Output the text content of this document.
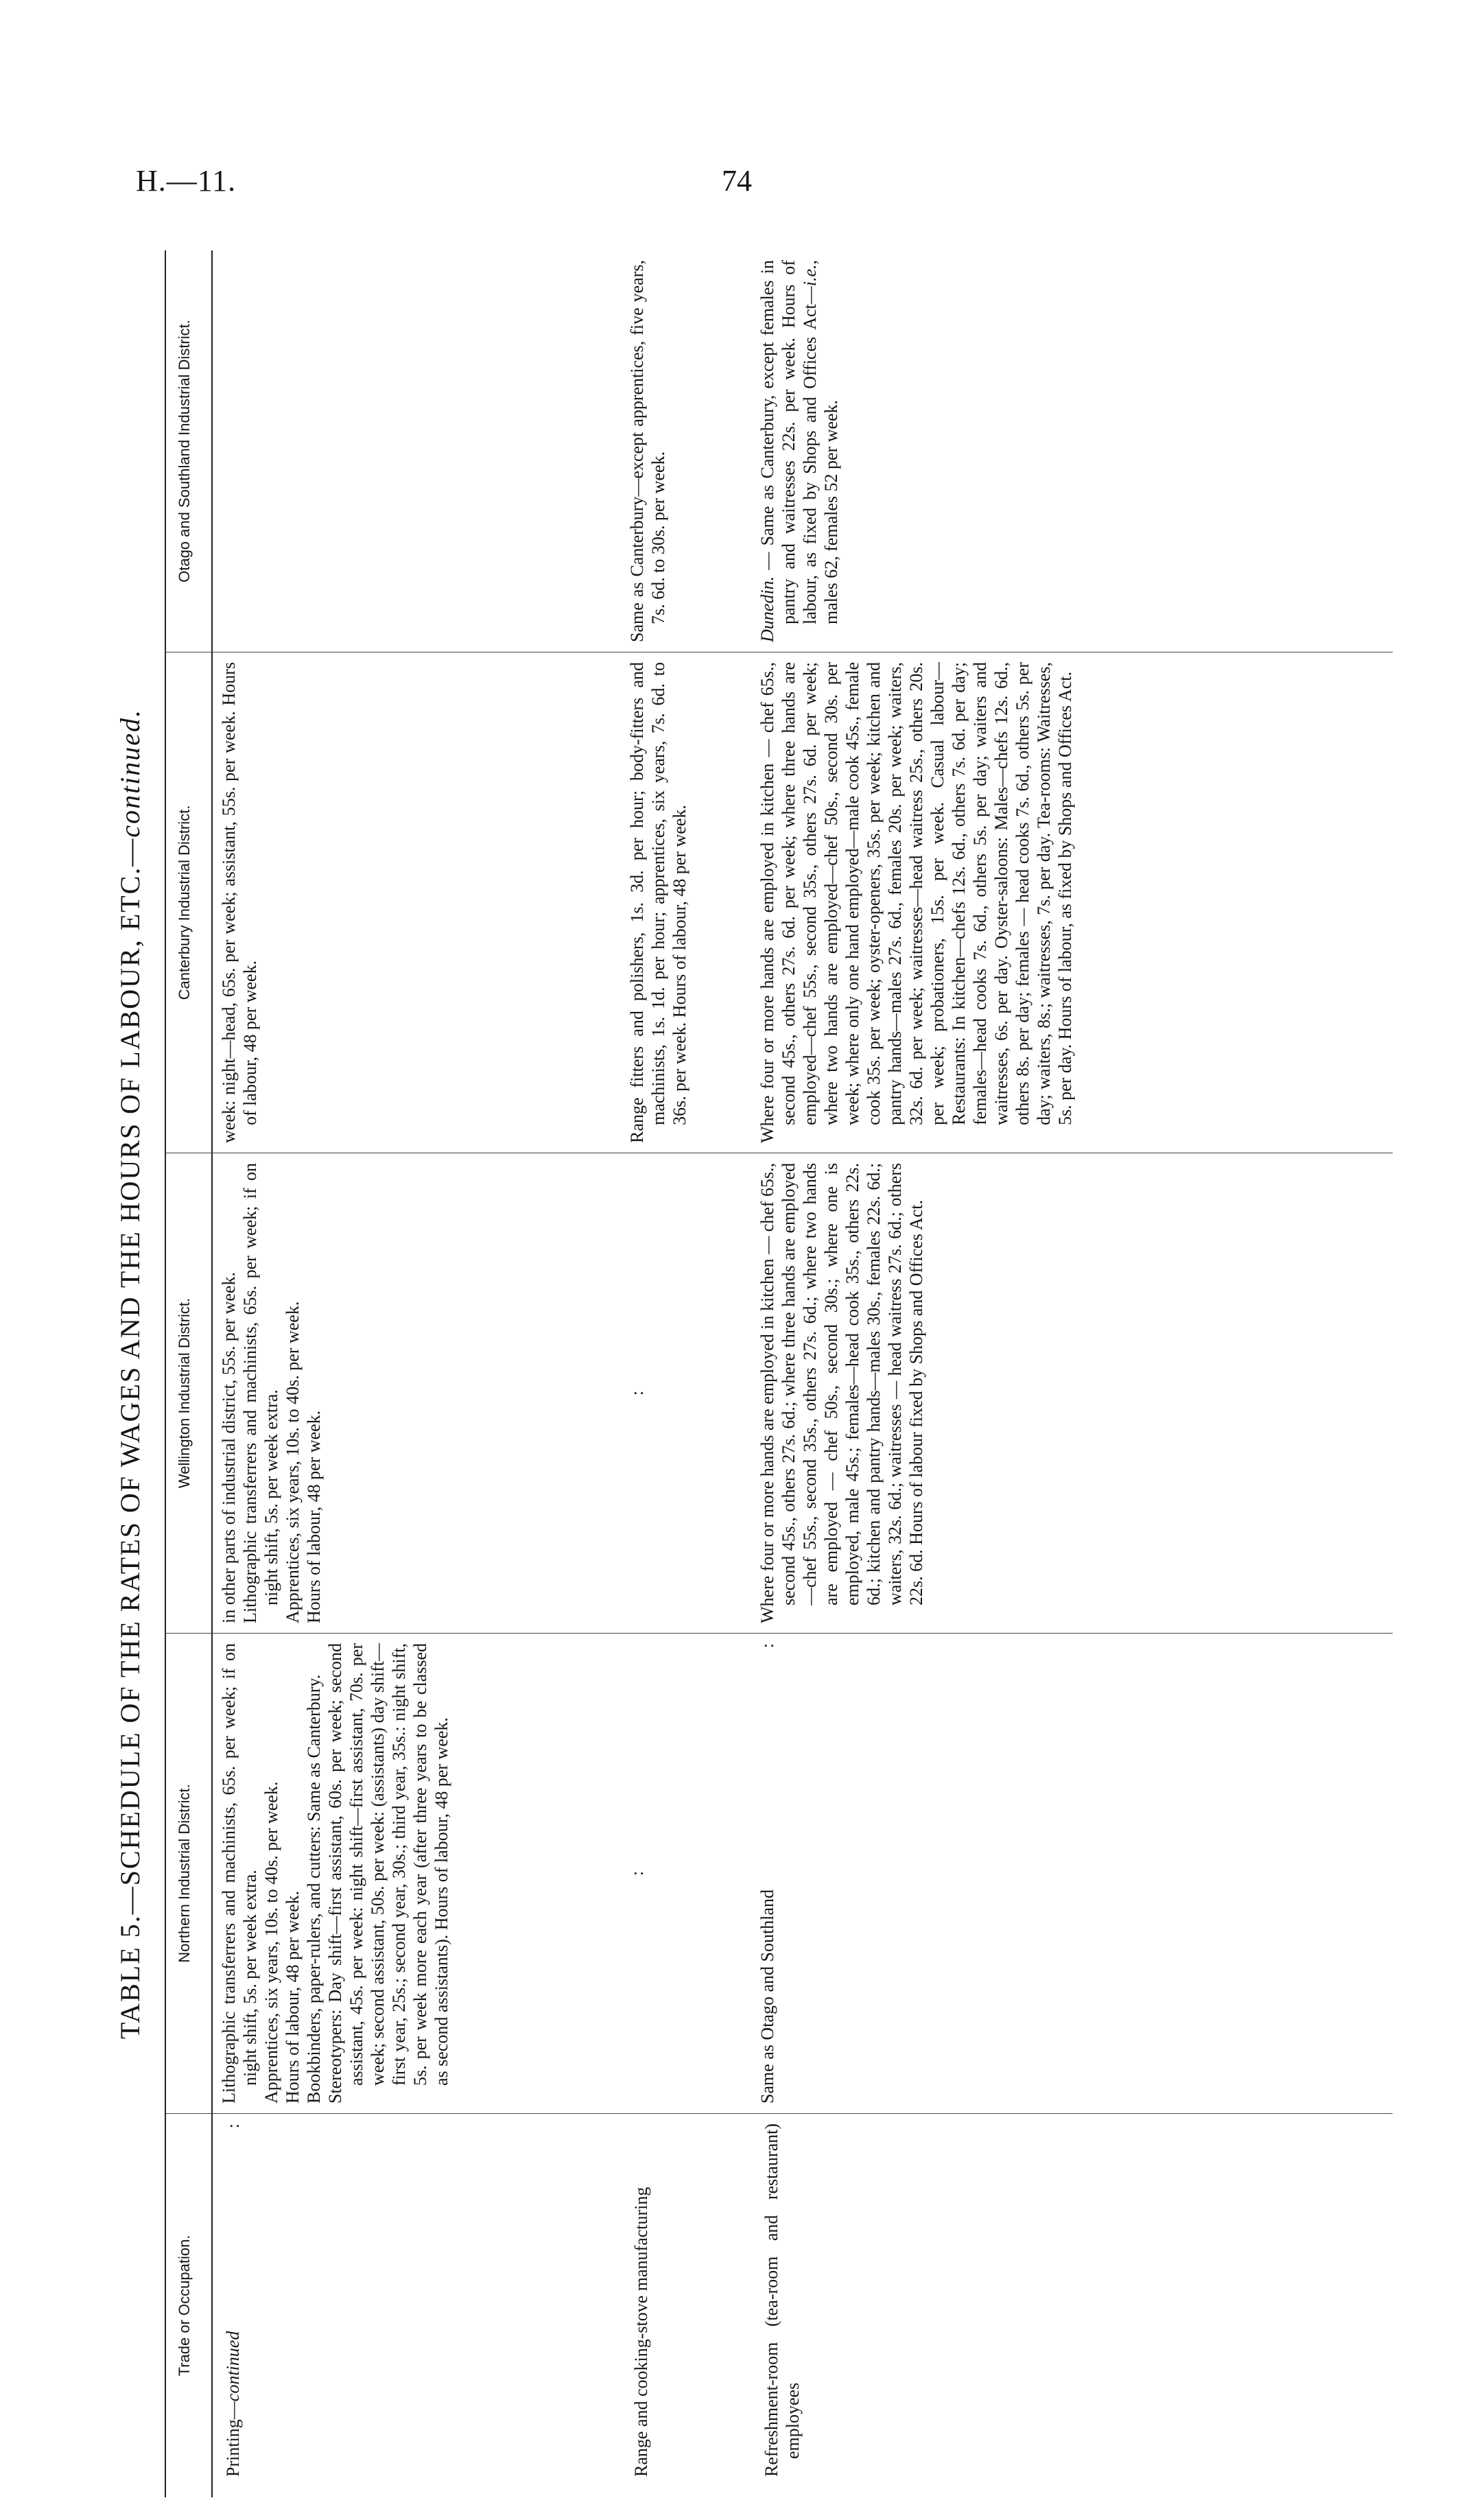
H.—11.	74
TABLE 5.—SCHEDULE OF THE RATES OF WAGES AND THE HOURS OF LABOUR, ETC.—continued.
Trade or Occupation.
Northern Industrial District.
Wellington Industrial District.
Canterbury Industrial District.
Otago and Southland Industrial District.
Printing—continued
:

Lithographic transferrers and machinists, 65s. per week; if on night shift, 5s. per week extra. Apprentices, six years, 10s. to 40s. per week. Hours of labour, 48 per week. Bookbinders, paper-rulers, and cutters: Same as Canterbury. Stereotypers: Day shift—first assistant, 60s. per week; second assistant, 45s. per week: night shift—first assistant, 70s. per week; second assistant, 50s. per week: (assistants) day shift—first year, 25s.; second year, 30s.; third year, 35s.: night shift, 5s. per week more each year (after three years to be classed as second assistants). Hours of labour, 48 per week.

in other parts of industrial district, 55s. per week. Lithographic transferrers and machinists, 65s. per week; if on night shift, 5s. per week extra. Apprentices, six years, 10s. to 40s. per week. Hours of labour, 48 per week.

week: night—head, 65s. per week; assistant, 55s. per week. Hours of labour, 48 per week.

Range and cooking-stove manufacturing

:
:

Range fitters and polishers, 1s. 3d. per hour; body-fitters and machinists, 1s. 1d. per hour; apprentices, six years, 7s. 6d. to 36s. per week. Hours of labour, 48 per week.

Same as Canterbury—except apprentices, five years, 7s. 6d. to 30s. per week.

Refreshment-room (tea-room and restaurant) employees

Same as Otago and Southland
:

Where four or more hands are employed in kitchen — chef 65s., second 45s., others 27s. 6d.; where three hands are employed—chef 55s., second 35s., others 27s. 6d.; where two hands are employed — chef 50s., second 30s.; where one is employed, male 45s.; females—head cook 35s., others 22s. 6d.; kitchen and pantry hands—males 30s., females 22s. 6d.; waiters, 32s. 6d.; waitresses — head waitress 27s. 6d.; others 22s. 6d. Hours of labour fixed by Shops and Offices Act.

Where four or more hands are employed in kitchen — chef 65s., second 45s., others 27s. 6d. per week; where three hands are employed—chef 55s., second 35s., others 27s. 6d. per week; where two hands are employed—chef 50s., second 30s. per week; where only one hand employed—male cook 45s., female cook 35s. per week; oyster-openers, 35s. per week; kitchen and pantry hands—males 27s. 6d., females 20s. per week; waiters, 32s. 6d. per week; waitresses—head waitress 25s., others 20s. per week; probationers, 15s. per week. Casual labour—Restaurants: In kitchen—chefs 12s. 6d., others 7s. 6d. per day; females—head cooks 7s. 6d., others 5s. per day; waiters and waitresses, 6s. per day. Oyster-saloons: Males—chefs 12s. 6d., others 8s. per day; females — head cooks 7s. 6d., others 5s. per day; waiters, 8s.; waitresses, 7s. per day. Tea-rooms: Waitresses, 5s. per day. Hours of labour, as fixed by Shops and Offices Act.

Dunedin. — Same as Canterbury, except females in pantry and waitresses 22s. per week. Hours of labour, as fixed by Shops and Offices Act—i.e., males 62, females 52 per week.
